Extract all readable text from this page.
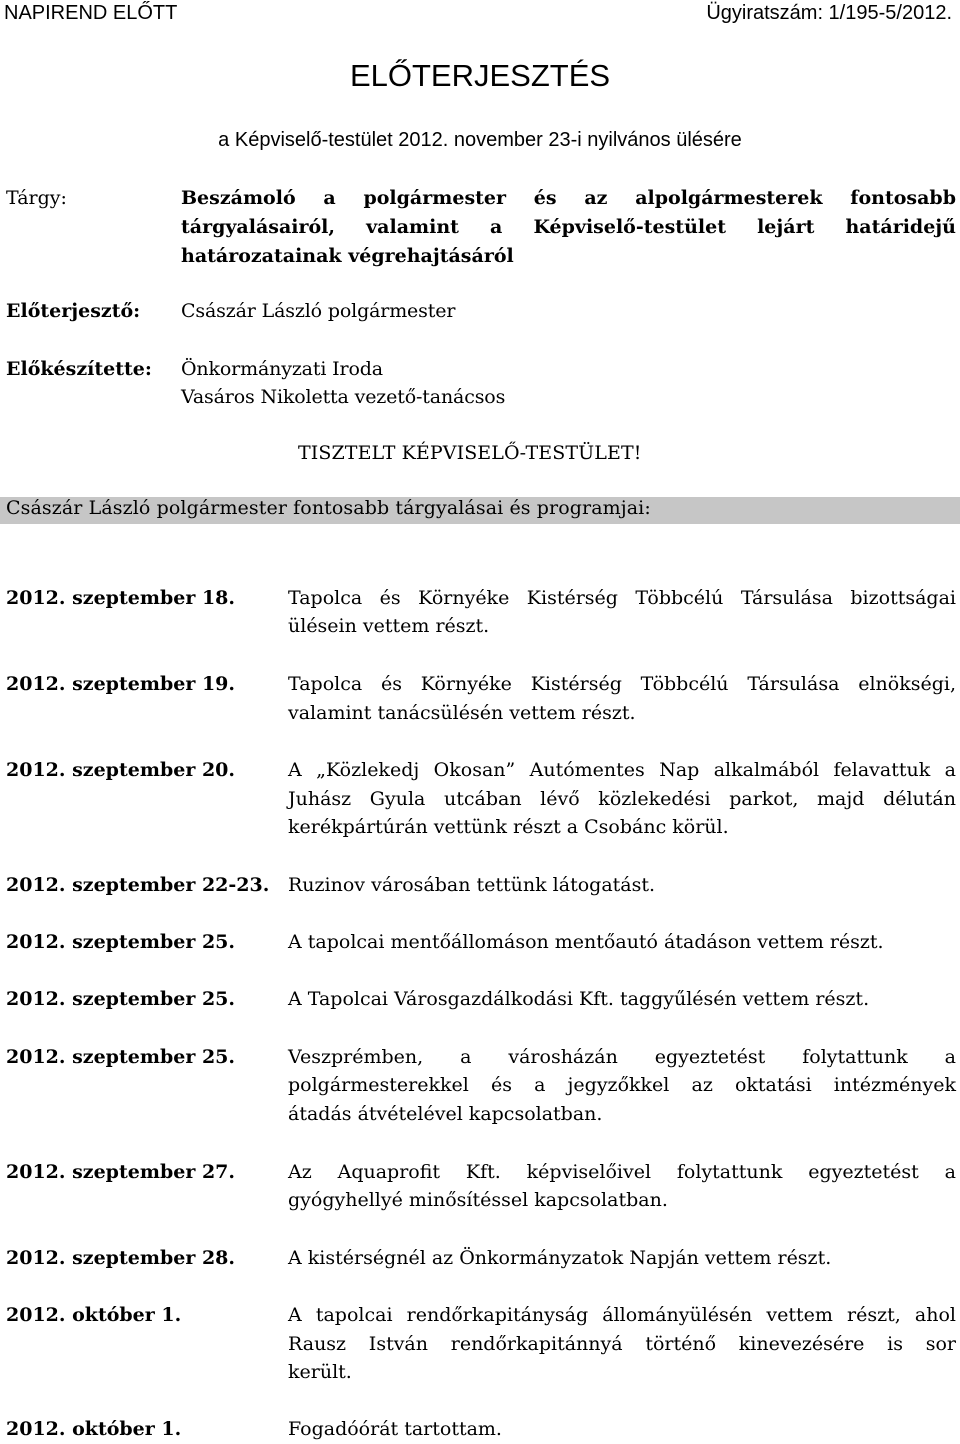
NAPIREND ELŐTT	Ügyiratszám: 1/195-5/2012.
ELŐTERJESZTÉS
a Képviselő-testület 2012. november 23-i nyilvános ülésére
Tárgy:	Beszámoló a polgármester és az alpolgármesterek fontosabb
tárgyalásairól, valamint a Képviselő-testület lejárt határidejű
határozatainak végrehajtásáról
Előterjesztő: Császár László polgármester
Előkészítette: Önkormányzati Iroda
Vasáros Nikoletta vezető-tanácsos
TISZTELT KÉPVISELŐ-TESTÜLET!
Császár László polgármester fontosabb tárgyalásai és programjai:
2012. szeptember 18.	Tapolca és Környéke Kistérség Többcélú Társulása bizottságai
ülésein vettem részt.
2012. szeptember 19.	Tapolca és Környéke Kistérség Többcélú Társulása elnökségi,
valamint tanácsülésén vettem részt.
2012. szeptember 20.	A „Közlekedj Okosan” Autómentes Nap alkalmából felavattuk a
Juhász Gyula utcában lévő közlekedési parkot, majd délután
kerékpártúrán vettünk részt a Csobánc körül.
2012. szeptember 22-23. Ruzinov városában tettünk látogatást.
2012. szeptember 25.	A tapolcai mentőállomáson mentőautó átadáson vettem részt.
2012. szeptember 25.	A Tapolcai Városgazdálkodási Kft. taggyűlésén vettem részt.
2012. szeptember 25.	Veszprémben, a városházán egyeztetést folytattunk a
polgármesterekkel és a jegyzőkkel az oktatási intézmények
átadás átvételével kapcsolatban.
2012. szeptember 27.	Az Aquaprofit Kft. képviselőivel folytattunk egyeztetést a
gyógyhellyé minősítéssel kapcsolatban.
2012. szeptember 28.	A kistérségnél az Önkormányzatok Napján vettem részt.
2012. október 1.	A tapolcai rendőrkapitányság állományülésén vettem részt, ahol
Rausz István rendőrkapitánnyá történő kinevezésére is sor
került.
2012. október 1.	Fogadóórát tartottam.
